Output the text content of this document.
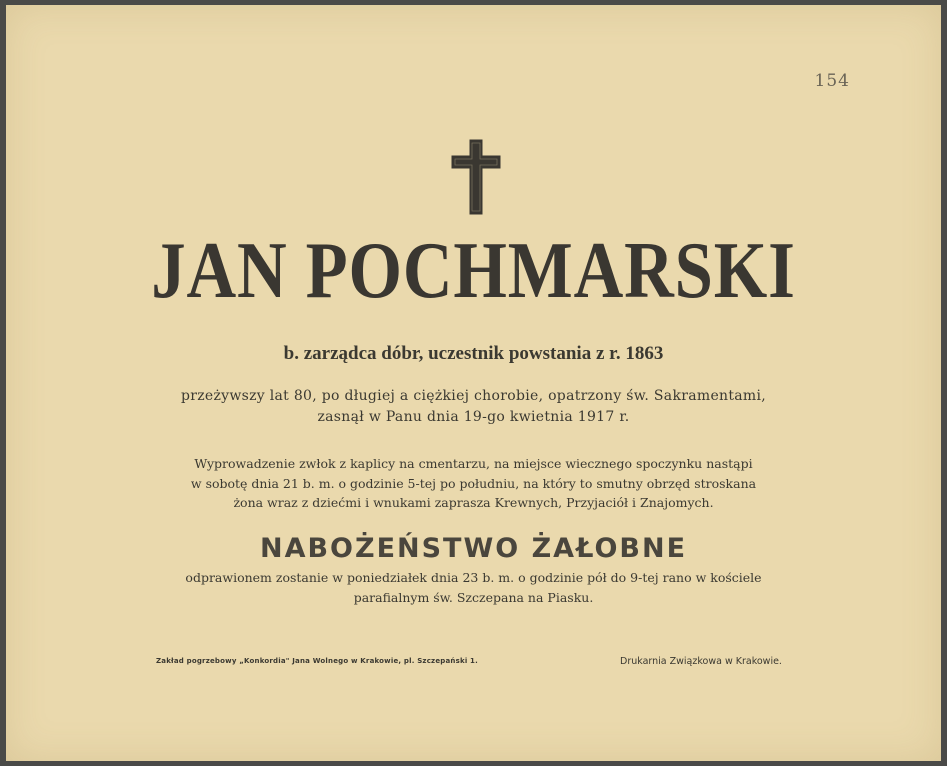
154
JAN POCHMARSKI
b. zarządca dóbr, uczestnik powstania z r. 1863
przeżywszy lat 80, po długiej a ciężkiej chorobie, opatrzony św. Sakramentami,
zasnął w Panu dnia 19-go kwietnia 1917 r.
Wyprowadzenie zwłok z kaplicy na cmentarzu, na miejsce wiecznego spoczynku nastąpi
w sobotę dnia 21 b. m. o godzinie 5-tej po południu, na który to smutny obrzęd stroskana
żona wraz z dziećmi i wnukami zaprasza Krewnych, Przyjaciół i Znajomych.
NABOŻEŃSTWO ŻAŁOBNE
odprawionem zostanie w poniedziałek dnia 23 b. m. o godzinie pół do 9-tej rano w kościele
parafialnym św. Szczepana na Piasku.
Zakład pogrzebowy „Konkordia" Jana Wolnego w Krakowie, pl. Szczepański 1.	Drukarnia Związkowa w Krakowie.
